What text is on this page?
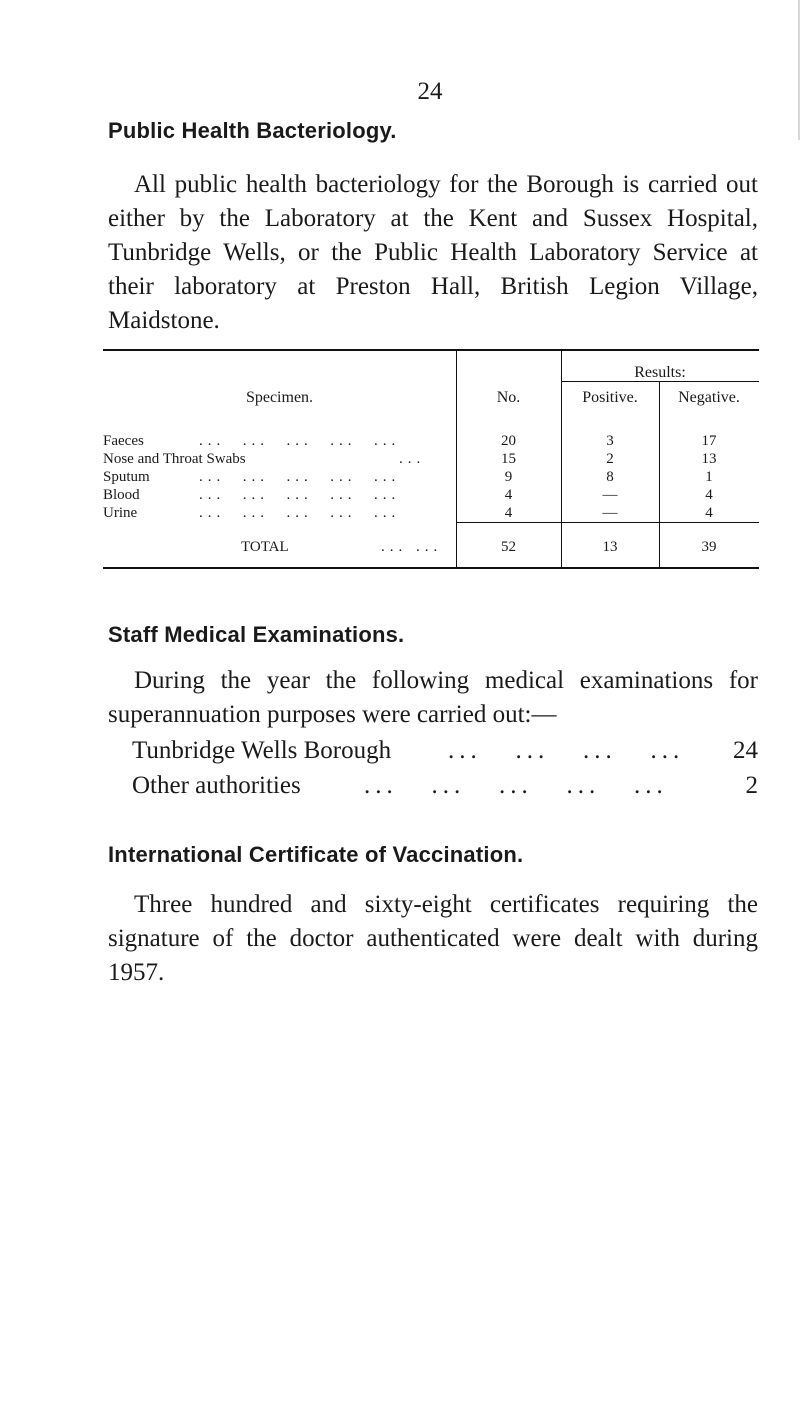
24
Public Health Bacteriology.
All public health bacteriology for the Borough is carried out either by the Laboratory at the Kent and Sussex Hospital, Tunbridge Wells, or the Public Health Laboratory Service at their laboratory at Preston Hall, British Legion Village, Maidstone.
Specimen.	No.
Results:
Positive.	Negative.
Faeces	...  ...  ...  ...  ...	20	3	17
Nose and Throat Swabs	...	15	2	13
Sputum	...  ...  ...  ...  ...	9	8	1
Blood	...  ...  ...  ...  ...	4	—	4
Urine	...  ...  ...  ...  ...	4	—	4
TOTAL	... ...	52	13	39
Staff Medical Examinations.
During the year the following medical examinations for superannuation purposes were carried out:—
Tunbridge Wells Borough ...   ...   ...   ... 24
Other authorities	...   ...   ...   ...   ...	2
International Certificate of Vaccination.
Three hundred and sixty-eight certificates requiring the signature of the doctor authenticated were dealt with during 1957.
